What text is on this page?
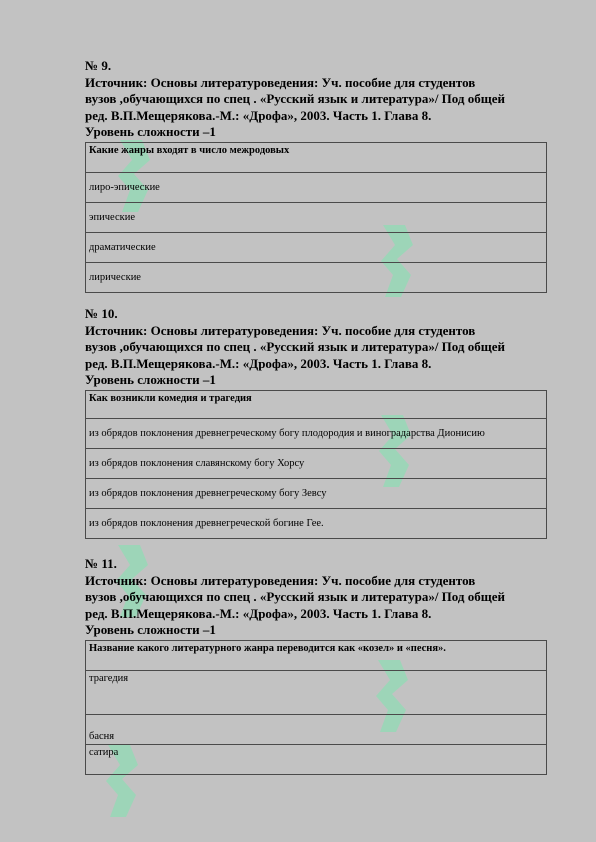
№ 9.
Источник: Основы литературоведения: Уч. пособие для студентов
вузов ,обучающихся по спец . «Русский язык и литература»/ Под общей
ред. В.П.Мещерякова.-М.: «Дрофа», 2003. Часть 1. Глава 8.
Уровень сложности –1
Какие жанры входят в число межродовых
лиро-эпические
эпические
драматические
лирические
№ 10.
Источник: Основы литературоведения: Уч. пособие для студентов
вузов ,обучающихся по спец . «Русский язык и литература»/ Под общей
ред. В.П.Мещерякова.-М.: «Дрофа», 2003. Часть 1. Глава 8.
Уровень сложности –1
Как возникли комедия и трагедия
из обрядов поклонения древнегреческому богу плодородия и виноградарства Дионисию
из обрядов поклонения славянскому богу Хорсу
из обрядов поклонения древнегреческому богу Зевсу
из обрядов поклонения древнегреческой богине Гее.
№ 11.
Источник: Основы литературоведения: Уч. пособие для студентов
вузов ,обучающихся по спец . «Русский язык и литература»/ Под общей
ред. В.П.Мещерякова.-М.: «Дрофа», 2003. Часть 1. Глава 8.
Уровень сложности –1
Название какого литературного жанра переводится как «козел» и «песня».
трагедия
басня
сатира
